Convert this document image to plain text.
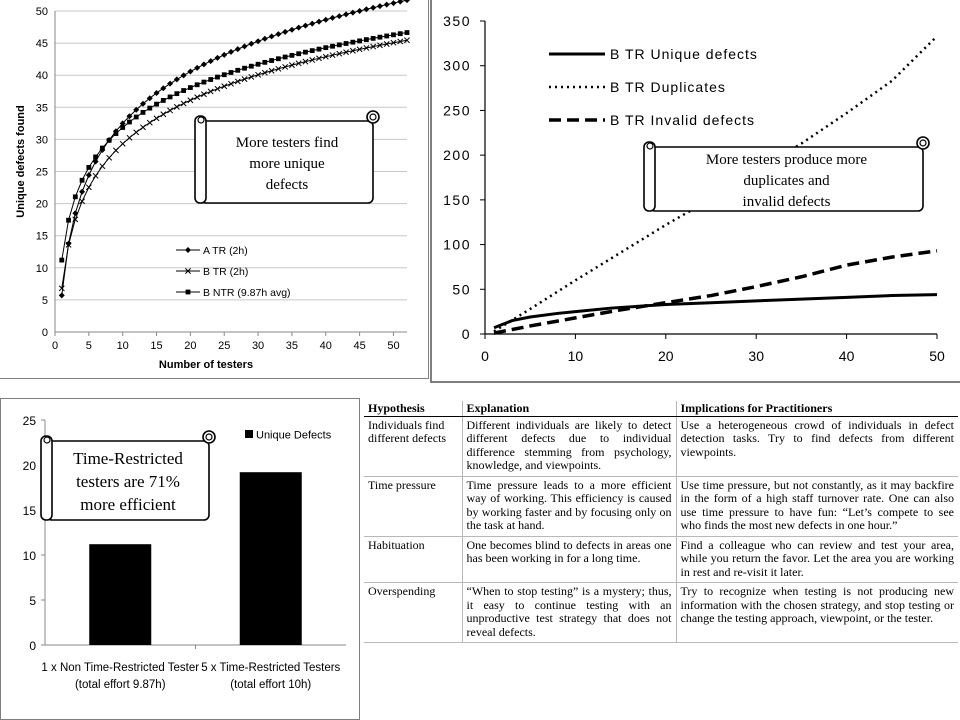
0
5
10
15
20
25
30
35
40
45
50
0	5 10 15 20 25 30 35 40 45 50
Number of testers
Unique defects found
A TR (2h)
B TR (2h)
B NTR (9.87h avg)
More testers find
more unique
defects
0
50
100
150
200
250
300
350
0	10	20	30	40	50
B TR Unique defects
B TR Duplicates
B TR Invalid defects
More testers produce more
duplicates and
invalid defects
0
5
10
15
20
25
1 x Non Time-Restricted Tester
(total effort 9.87h)
5 x Time-Restricted Testers
(total effort 10h)
Unique Defects
Time-Restricted
testers are 71%
more efficient
Hypothesis	Explanation	Implications for Practitioners
Individuals find different defects	Different individuals are likely to detect different defects due to individual difference stemming from psychology, knowledge, and viewpoints.	Use a heterogeneous crowd of individuals in defect detection tasks. Try to find defects from different viewpoints.
Time pressure	Time pressure leads to a more efficient way of working. This efficiency is caused by working faster and by focusing only on the task at hand.	Use time pressure, but not constantly, as it may backfire in the form of a high staff turnover rate. One can also use time pressure to have fun: “Let’s compete to see who finds the most new defects in one hour.”
Habituation	One becomes blind to defects in areas one has been working in for a long time.	Find a colleague who can review and test your area, while you return the favor. Let the area you are working in rest and re-visit it later.
Overspending	“When to stop testing” is a mystery; thus, it easy to continue testing with an unproductive test strategy that does not reveal defects.	Try to recognize when testing is not producing new information with the chosen strategy, and stop testing or change the testing approach, viewpoint, or the tester.
